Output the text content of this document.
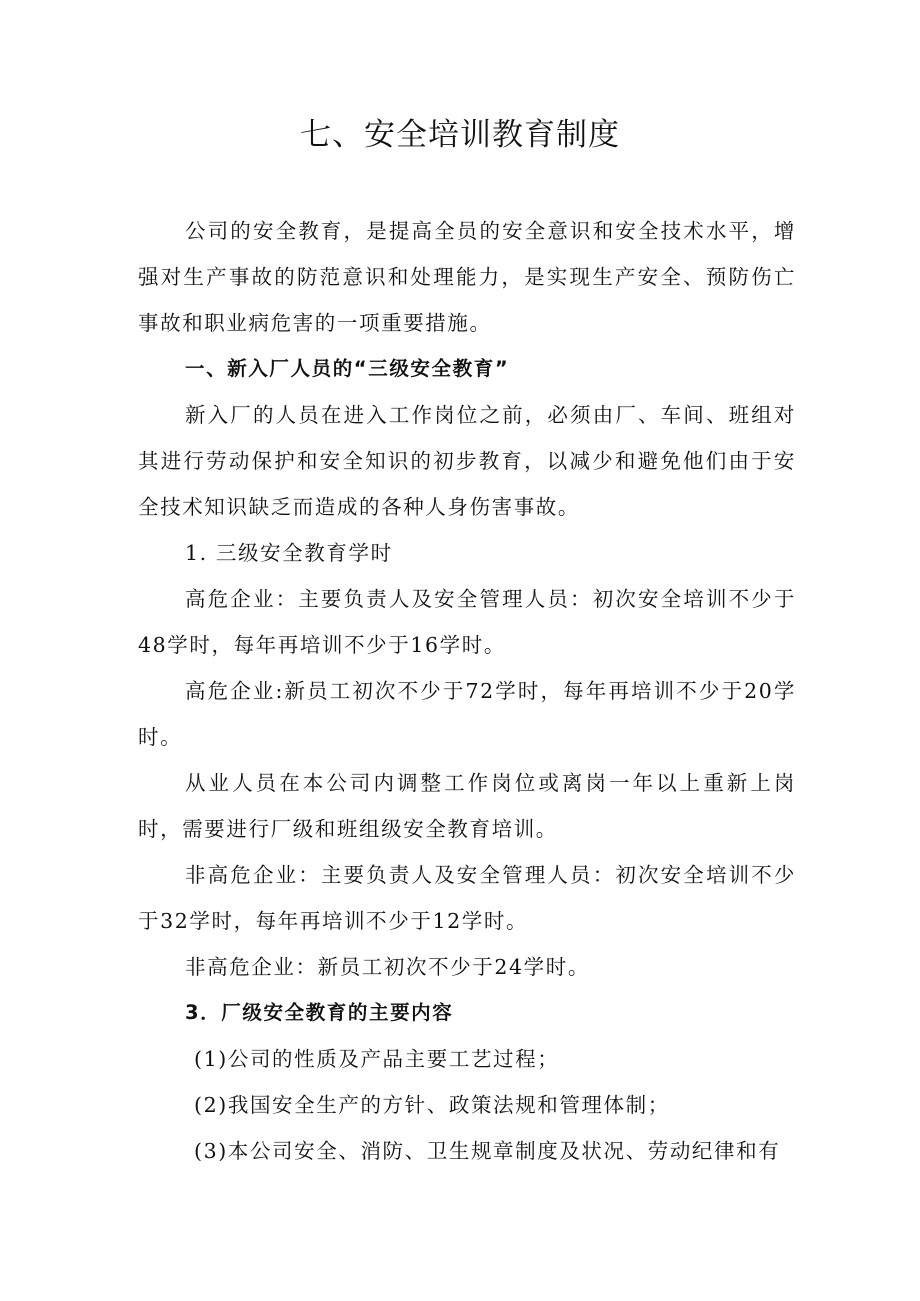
七、安全培训教育制度

公司的安全教育，是提高全员的安全意识和安全技术水平，增强对生产事故的防范意识和处理能力，是实现生产安全、预防伤亡事故和职业病危害的一项重要措施。

一、新入厂人员的“三级安全教育”

新入厂的人员在进入工作岗位之前，必须由厂、车间、班组对其进行劳动保护和安全知识的初步教育，以减少和避免他们由于安全技术知识缺乏而造成的各种人身伤害事故。

1. 三级安全教育学时

高危企业：主要负责人及安全管理人员：初次安全培训不少于48学时，每年再培训不少于16学时。

高危企业:新员工初次不少于72学时，每年再培训不少于20学时。

从业人员在本公司内调整工作岗位或离岗一年以上重新上岗时，需要进行厂级和班组级安全教育培训。

非高危企业：主要负责人及安全管理人员：初次安全培训不少于32学时，每年再培训不少于12学时。

非高危企业：新员工初次不少于24学时。

3．厂级安全教育的主要内容

(1)公司的性质及产品主要工艺过程；

(2)我国安全生产的方针、政策法规和管理体制；

(3)本公司安全、消防、卫生规章制度及状况、劳动纪律和有
